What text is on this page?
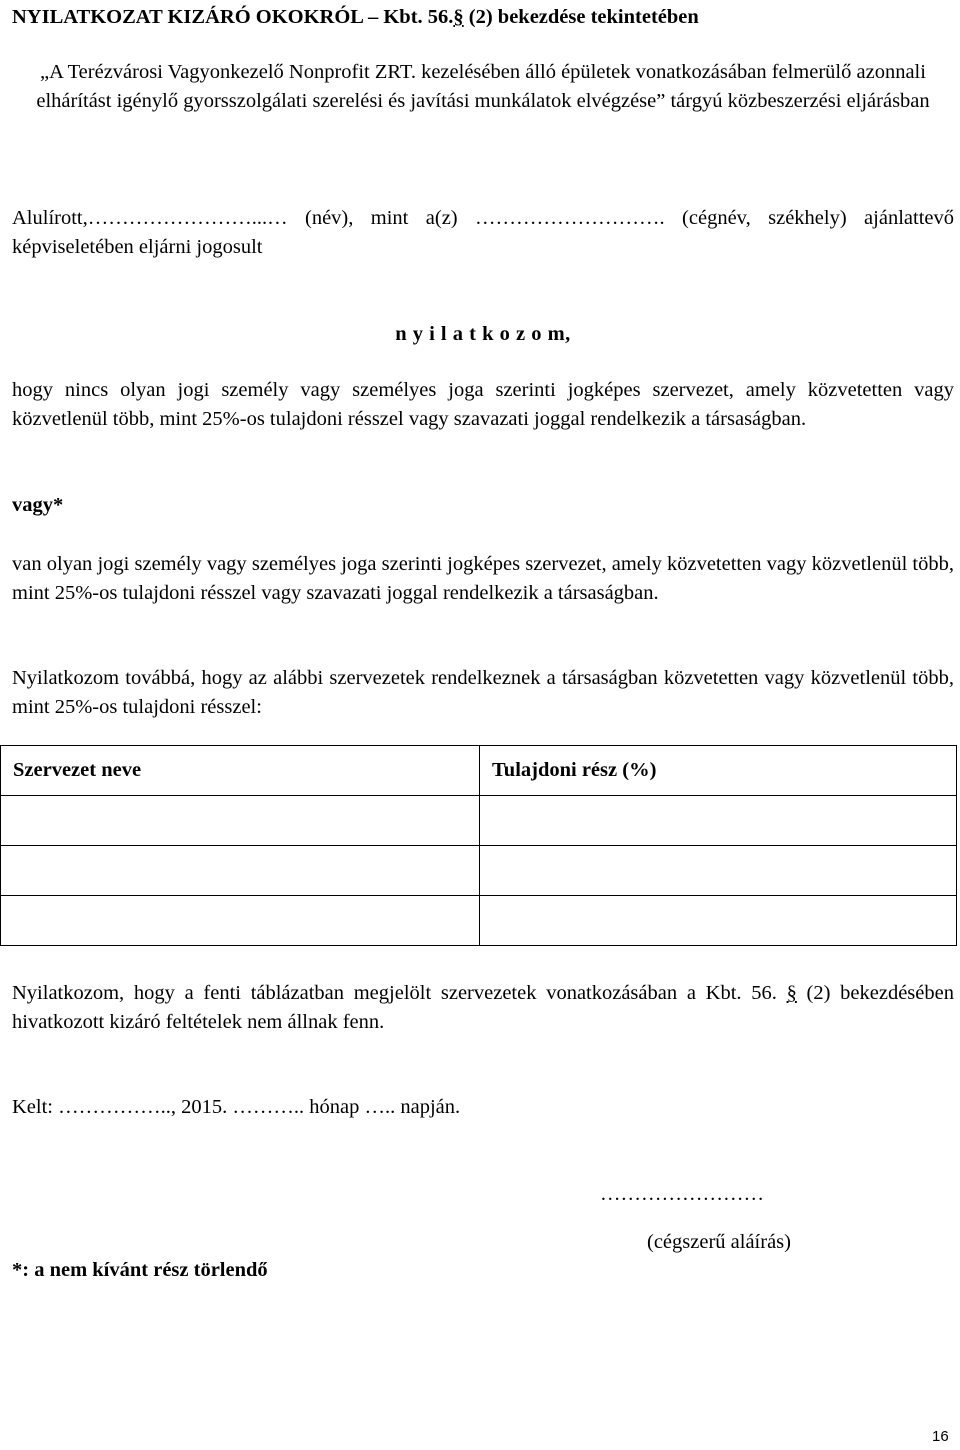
NYILATKOZAT KIZÁRÓ OKOKRÓL – Kbt. 56.§ (2) bekezdése tekintetében

„A Terézvárosi Vagyonkezelő Nonprofit ZRT. kezelésében álló épületek vonatkozásában felmerülő azonnali elhárítást igénylő gyorsszolgálati szerelési és javítási munkálatok elvégzése” tárgyú közbeszerzési eljárásban

Alulírott,……………………...… (név), mint a(z) ………………………. (cégnév, székhely) ajánlattevő képviseletében eljárni jogosult

n y i l a t k o z o m,

hogy nincs olyan jogi személy vagy személyes joga szerinti jogképes szervezet, amely közvetetten vagy közvetlenül több, mint 25%-os tulajdoni résszel vagy szavazati joggal rendelkezik a társaságban.

vagy*

van olyan jogi személy vagy személyes joga szerinti jogképes szervezet, amely közvetetten vagy közvetlenül több, mint 25%-os tulajdoni résszel vagy szavazati joggal rendelkezik a társaságban.

Nyilatkozom továbbá, hogy az alábbi szervezetek rendelkeznek a társaságban közvetetten vagy közvetlenül több, mint 25%-os tulajdoni résszel:

Szervezet neve	Tulajdoni rész (%)

Nyilatkozom, hogy a fenti táblázatban megjelölt szervezetek vonatkozásában a Kbt. 56. § (2) bekezdésében hivatkozott kizáró feltételek nem állnak fenn.

Kelt: …………….., 2015. ……….. hónap ….. napján.

……………………
(cégszerű aláírás)

*: a nem kívánt rész törlendő

16
